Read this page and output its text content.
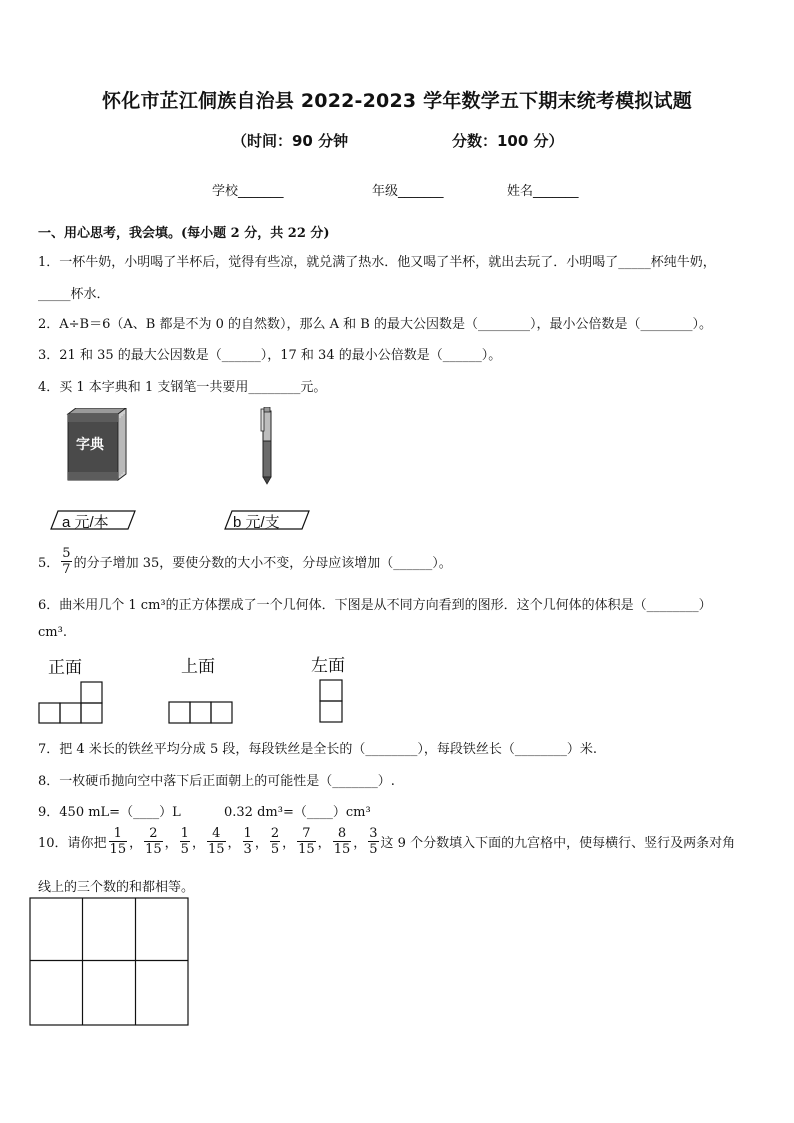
怀化市芷江侗族自治县 2022-2023 学年数学五下期末统考模拟试题
（时间：90 分钟	分数：100 分）
学校_______	年级_______	姓名_______
一、用心思考，我会填。(每小题 2 分，共 22 分)
1．一杯牛奶，小明喝了半杯后，觉得有些凉，就兑满了热水．他又喝了半杯，就出去玩了．小明喝了_____杯纯牛奶，
_____杯水．
2．A÷B＝6（A、B 都是不为 0 的自然数），那么 A 和 B 的最大公因数是（________），最小公倍数是（________）。
3．21 和 35 的最大公因数是（______），17 和 34 的最小公倍数是（______）。
4．买 1 本字典和 1 支钢笔一共要用________元。
字典
a 元/本	b 元/支
5． $\frac{5}{7}$ 的分子增加 35，要使分数的大小不变，分母应该增加（______）。
6．曲米用几个 1 cm³的正方体摆成了一个几何体．下图是从不同方向看到的图形．这个几何体的体积是（________）
cm³.
正面	上面	左面
7．把 4 米长的铁丝平均分成 5 段，每段铁丝是全长的（________），每段铁丝长（________）米.
8．一枚硬币抛向空中落下后正面朝上的可能性是（_______）.
9．450 mL=（____）L	0.32 dm³=（____）cm³
10．请你把 $\frac{1}{15}$ ， $\frac{2}{15}$ ， $\frac{1}{5}$ ， $\frac{4}{15}$ ， $\frac{1}{3}$ ， $\frac{2}{5}$ ， $\frac{7}{15}$ ， $\frac{8}{15}$ ， $\frac{3}{5}$ 这 9 个分数填入下面的九宫格中，使每横行、竖行及两条对角
线上的三个数的和都相等。
